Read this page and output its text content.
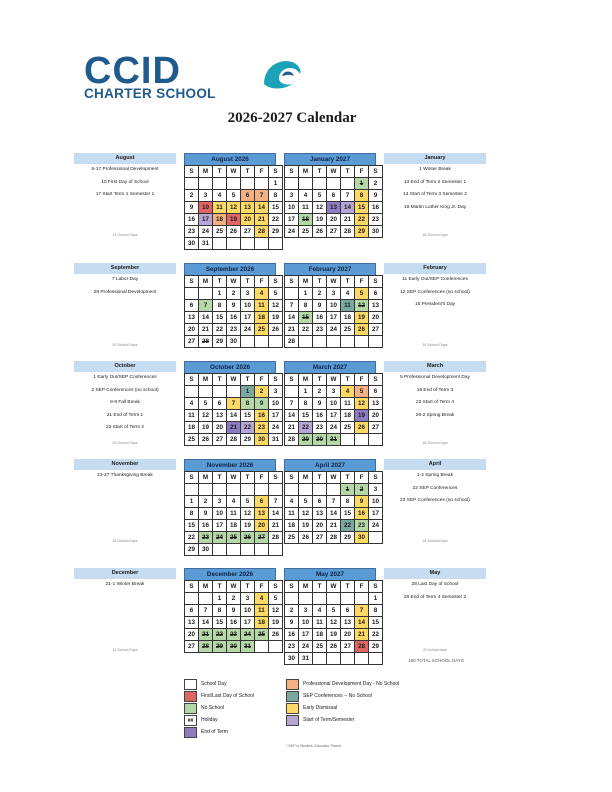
CCID
CHARTER SCHOOL
2026-2027 Calendar
August
6-17 Professional Development
10 First Day of School
17 Start Term 1 Semester 1
14 School Days
August 2026
S	M	T	W	T	F	S
						1
2	3	4	5	6	7	8
9	10	11	12	13	14	15
16	17	18	19	20	21	22
23	24	25	26	27	28	29
30	31					
January 2027
S	M	T	W	T	F	S
					1	2
3	4	5	6	7	8	9
10	11	12	13	14	15	16
17	18	19	20	21	22	23
24	25	26	27	28	29	30
January
1 Winter Break
13 End of Term 2 Semester 1
14 Start of Term 3 Semester 2
18 Martin Luther King Jr. Day
18 School Days
September
7 Labor Day
28 Professional Development
20 School Days
September 2026
S	M	T	W	T	F	S
		1	2	3	4	5
6	7	8	9	10	11	12
13	14	15	16	17	18	19
20	21	22	23	24	25	26
27	28	29	30			
February 2027
S	M	T	W	T	F	S
	1	2	3	4	5	6
7	8	9	10	11	12	13
14	15	16	17	18	19	20
21	22	23	24	25	26	27
28						
February
11 Early Out/SEP Conferences
12 SEP Conferences (no school)
15 President's Day
18 School Days
October
1 Early Out/SEP Conferences
2 SEP Conferences (no school)
8-9 Fall Break
21 End of Term 1
22 Start of Term 2
20 School Days
October 2026
S	M	T	W	T	F	S
				1	2	3
4	5	6	7	8	9	10
11	12	13	14	15	16	17
18	19	20	21	22	23	24
25	26	27	28	29	30	31
March 2027
S	M	T	W	T	F	S
	1	2	3	4	5	6
7	8	9	10	11	12	13
14	15	16	17	18	19	20
21	22	23	24	25	26	27
28	29	30	31			
March
5 Professional Development Day
19 End of Term 3
22 Start of Term 4
29-2 Spring Break
18 School Days
November
23-27 Thanksgiving Break
16 School Days
November 2026
S	M	T	W	T	F	S

1	2	3	4	5	6	7
8	9	10	11	12	13	14
15	16	17	18	19	20	21
22	23	24	25	26	27	28
29	30					
April 2027
S	M	T	W	T	F	S
				1	2	3
4	5	6	7	8	9	10
11	12	13	14	15	16	17
18	19	20	21	22	23	24
25	26	27	28	29	30	
April
1-2 Spring Break
22 SEP Conferences
23 SEP Conferences (no school)
18 School Days
December
21-1 Winter Break
14 School Days
December 2026
S	M	T	W	T	F	S
		1	2	3	4	5
6	7	8	9	10	11	12
13	14	15	16	17	18	19
20	21	22	23	24	25	26
27	28	29	30	31		
May 2027
S	M	T	W	T	F	S
						1
2	3	4	5	6	7	8
9	10	11	12	13	14	15
16	17	18	19	20	21	22
23	24	25	26	27	28	29
30	31					
May
28 Last Day of School
28 End of Term 4 Semester 2
20 school days
School Day
First/Last Day of School
No School
##	Holiday
End of Term
Professional Development Day - No School
SEP Conferences -- No School
Early Dismissal
Start of Term/Semester
* SEP is Student, Educator, Parent
180 TOTAL SCHOOL DAYS
